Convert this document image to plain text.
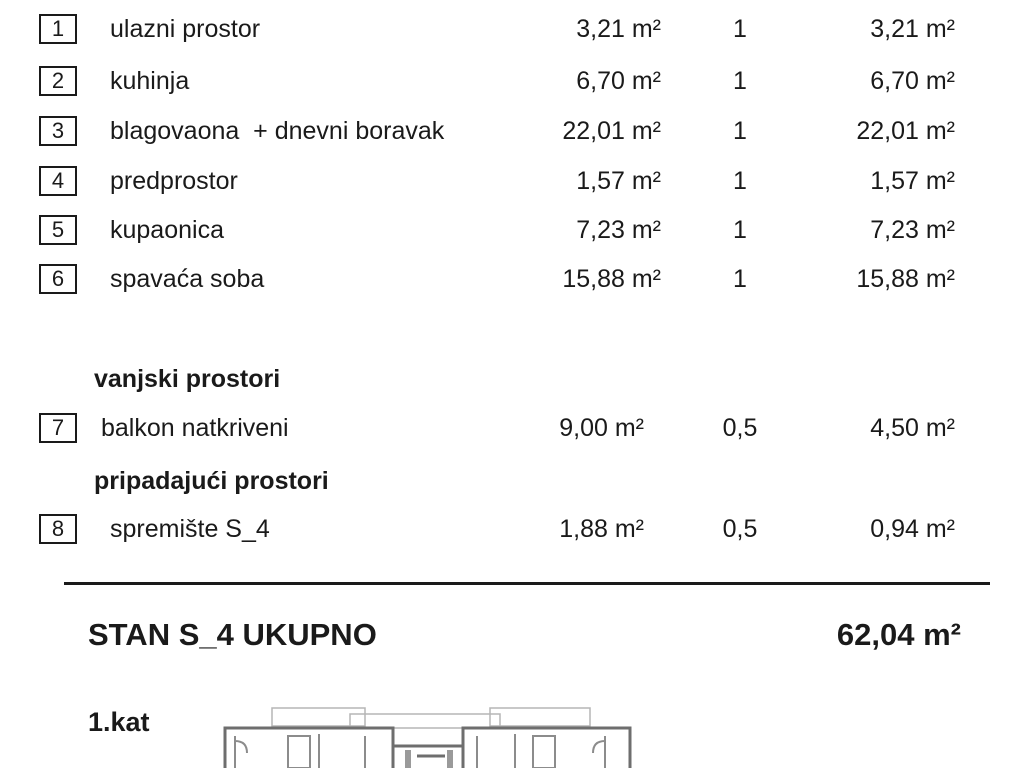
1	ulazni prostor	3,21 m²	1	3,21 m²
2	kuhinja	6,70 m²	1	6,70 m²
3	blagovaona  + dnevni boravak	22,01 m²	1	22,01 m²
4	predprostor	1,57 m²	1	1,57 m²
5	kupaonica	7,23 m²	1	7,23 m²
6	spavaća soba	15,88 m²	1	15,88 m²
vanjski prostori
7	balkon natkriveni	9,00 m²	0,5	4,50 m²
pripadajući prostori
8	spremište S_4	1,88 m²	0,5	0,94 m²
STAN S_4 UKUPNO	62,04 m²
1.kat
